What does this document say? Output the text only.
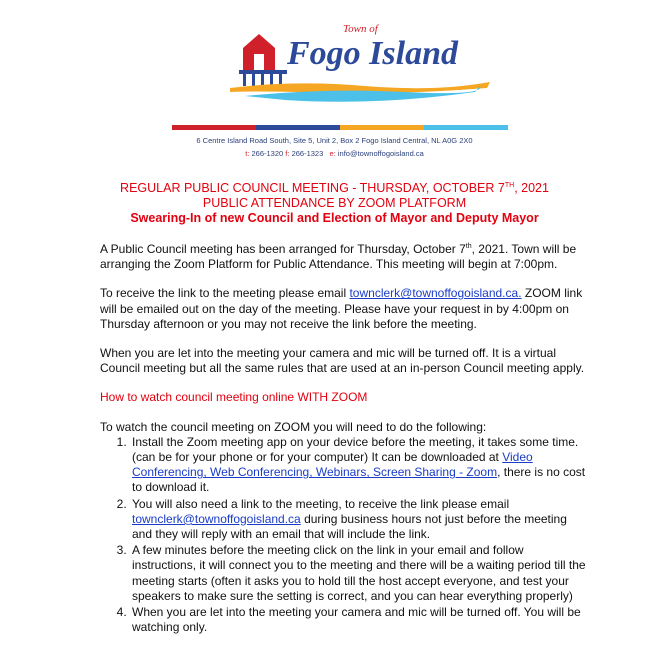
Town of
Fogo Island
6 Centre Island Road South, Site 5, Unit 2, Box 2 Fogo Island Central, NL A0G 2X0
t: 266-1320 f: 266-1323 e: info@townoffogoisland.ca
REGULAR PUBLIC COUNCIL MEETING - THURSDAY, OCTOBER 7TH, 2021
PUBLIC ATTENDANCE BY ZOOM PLATFORM
Swearing-In of new Council and Election of Mayor and Deputy Mayor

A Public Council meeting has been arranged for Thursday, October 7th, 2021. Town will be arranging the Zoom Platform for Public Attendance. This meeting will begin at 7:00pm.

To receive the link to the meeting please email townclerk@townoffogoisland.ca. ZOOM link will be emailed out on the day of the meeting. Please have your request in by 4:00pm on Thursday afternoon or you may not receive the link before the meeting.

When you are let into the meeting your camera and mic will be turned off. It is a virtual Council meeting but all the same rules that are used at an in-person Council meeting apply.

How to watch council meeting online WITH ZOOM

To watch the council meeting on ZOOM you will need to do the following:
1. Install the Zoom meeting app on your device before the meeting, it takes some time. (can be for your phone or for your computer) It can be downloaded at Video Conferencing, Web Conferencing, Webinars, Screen Sharing - Zoom, there is no cost to download it.
2. You will also need a link to the meeting, to receive the link please email townclerk@townoffogoisland.ca during business hours not just before the meeting and they will reply with an email that will include the link.
3. A few minutes before the meeting click on the link in your email and follow instructions, it will connect you to the meeting and there will be a waiting period till the meeting starts (often it asks you to hold till the host accept everyone, and test your speakers to make sure the setting is correct, and you can hear everything properly)
4. When you are let into the meeting your camera and mic will be turned off. You will be watching only.
